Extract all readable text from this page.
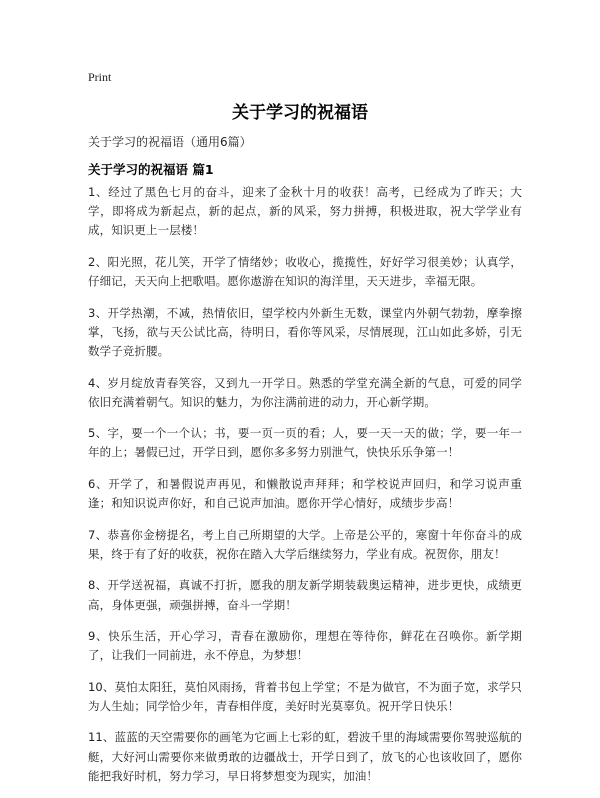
Print
关于学习的祝福语
关于学习的祝福语（通用6篇）
关于学习的祝福语 篇1
1、经过了黑色七月的奋斗，迎来了金秋十月的收获！高考，已经成为了昨天；大学，即将成为新起点，新的起点，新的风采，努力拼搏，积极进取，祝大学学业有成，知识更上一层楼！
2、阳光照，花儿笑，开学了情绪妙；收收心，揽揽性，好好学习很美妙；认真学，仔细记，天天向上把歌唱。愿你遨游在知识的海洋里，天天进步，幸福无限。
3、开学热潮，不减，热情依旧，望学校内外新生无数，课堂内外朝气勃勃，摩拳擦掌，飞扬，欲与天公试比高，待明日，看你等风采，尽情展现，江山如此多娇，引无数学子竞折腰。
4、岁月绽放青春笑容，又到九一开学日。熟悉的学堂充满全新的气息，可爱的同学依旧充满着朝气。知识的魅力，为你注满前进的动力，开心新学期。
5、字，要一个一个认；书，要一页一页的看；人，要一天一天的做；学，要一年一年的上；暑假已过，开学日到，愿你多多努力别泄气，快快乐乐争第一！
6、开学了，和暑假说声再见，和懒散说声拜拜；和学校说声回归，和学习说声重逢；和知识说声你好，和自己说声加油。愿你开学心情好，成绩步步高！
7、恭喜你金榜提名，考上自己所期望的大学。上帝是公平的，寒窗十年你奋斗的成果，终于有了好的收获，祝你在踏入大学后继续努力，学业有成。祝贺你，朋友！
8、开学送祝福，真诚不打折，愿我的朋友新学期装载奥运精神，进步更快，成绩更高，身体更强，顽强拼搏，奋斗一学期！
9、快乐生活，开心学习，青春在激励你，理想在等待你，鲜花在召唤你。新学期了，让我们一同前进，永不停息，为梦想！
10、莫怕太阳狂，莫怕风雨扬，背着书包上学堂；不是为做官，不为面子宽，求学只为人生灿；同学恰少年，青春相伴度，美好时光莫辜负。祝开学日快乐！
11、蓝蓝的天空需要你的画笔为它画上七彩的虹，碧波千里的海域需要你驾驶巡航的艇，大好河山需要你来做勇敢的边疆战士，开学日到了，放飞的心也该收回了，愿你能把我好时机，努力学习，早日将梦想变为现实，加油！
